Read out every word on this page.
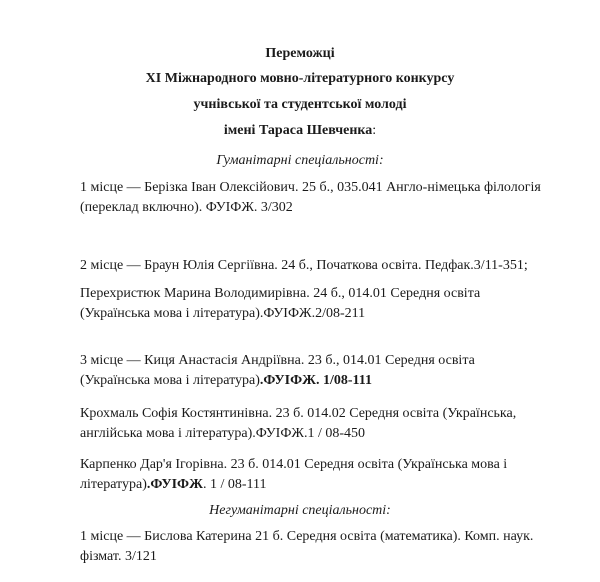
Переможці
XI Міжнародного мовно-літературного конкурсу
учнівської та студентської молоді
імені Тараса Шевченка:
Гуманітарні спеціальності:
1 місце — Берізка Іван Олексійович. 25 б., 035.041 Англо-німецька філологія
(переклад включно). ФУІФЖ. 3/302
2 місце — Браун Юлія Сергіївна. 24 б., Початкова освіта. Педфак.3/11-351;
Перехристюк Марина Володимирівна. 24 б., 014.01 Середня освіта
(Українська мова і література).ФУІФЖ.2/08-211
3 місце — Киця Анастасія Андріївна. 23 б., 014.01 Середня освіта
(Українська мова і література).ФУІФЖ. 1/08-111
Крохмаль Софія Костянтинівна. 23 б. 014.02 Середня освіта (Українська,
англійська мова і література).ФУІФЖ.1 / 08-450
Карпенко Дар'я Ігорівна. 23 б. 014.01 Середня освіта (Українська мова і
література).ФУІФЖ. 1 / 08-111
Негуманітарні спеціальності:
1 місце — Бислова Катерина 21 б. Середня освіта (математика). Комп. наук.
фізмат. 3/121
